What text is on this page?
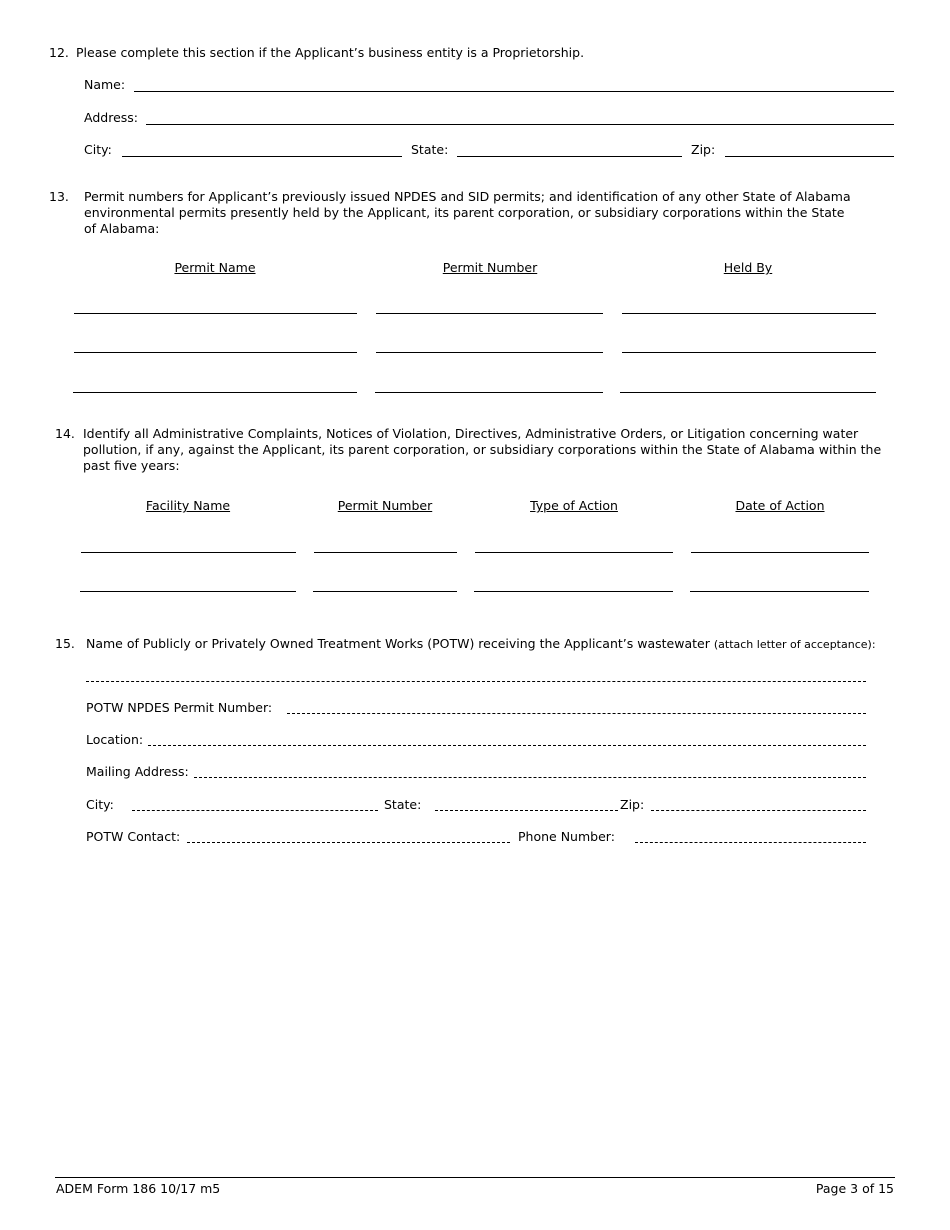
12. Please complete this section if the Applicant’s business entity is a Proprietorship.
Name:
Address:
City:	State:	Zip:
13. Permit numbers for Applicant’s previously issued NPDES and SID permits; and identification of any other State of Alabama environmental permits presently held by the Applicant, its parent corporation, or subsidiary corporations within the State of Alabama:
Permit Name	Permit Number	Held By
14. Identify all Administrative Complaints, Notices of Violation, Directives, Administrative Orders, or Litigation concerning water pollution, if any, against the Applicant, its parent corporation, or subsidiary corporations within the State of Alabama within the past five years:
Facility Name	Permit Number	Type of Action	Date of Action
15. Name of Publicly or Privately Owned Treatment Works (POTW) receiving the Applicant’s wastewater (attach letter of acceptance):
POTW NPDES Permit Number:
Location:
Mailing Address:
City:	State:	Zip:
POTW Contact:	Phone Number:
ADEM Form 186 10/17 m5	Page 3 of 15
